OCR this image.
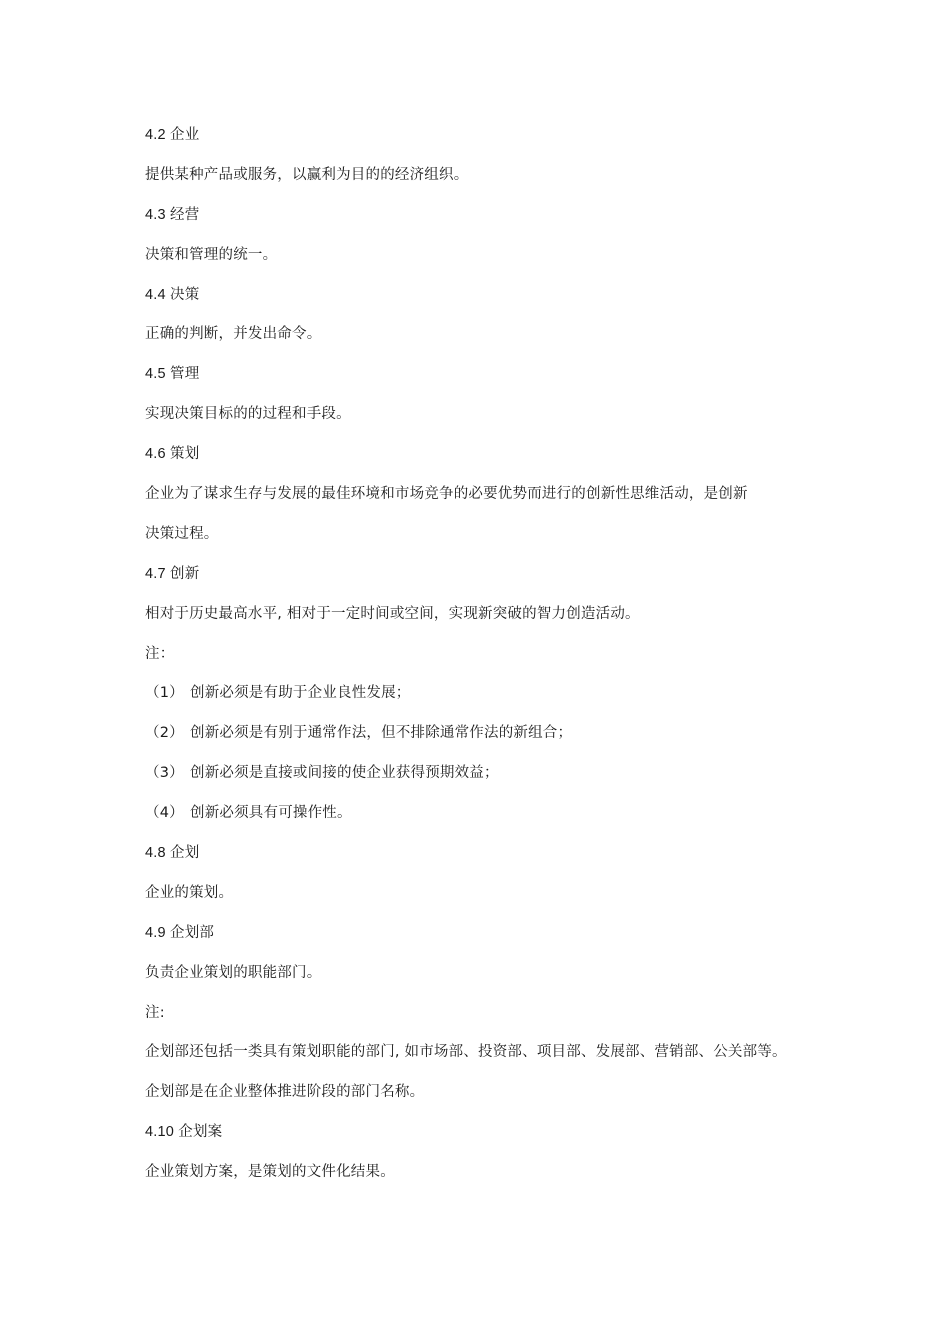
4.2 企业

提供某种产品或服务，以赢利为目的的经济组织。

4.3 经营

决策和管理的统一。

4.4 决策

正确的判断，并发出命令。

4.5 管理

实现决策目标的的过程和手段。

4.6 策划

企业为了谋求生存与发展的最佳环境和市场竞争的必要优势而进行的创新性思维活动，是创新

决策过程。

4.7 创新

相对于历史最高水平, 相对于一定时间或空间，实现新突破的智力创造活动。

注：

（1） 创新必须是有助于企业良性发展；

（2） 创新必须是有别于通常作法，但不排除通常作法的新组合；

（3） 创新必须是直接或间接的使企业获得预期效益；

（4） 创新必须具有可操作性。

4.8 企划

企业的策划。

4.9 企划部

负责企业策划的职能部门。

注:

企划部还包括一类具有策划职能的部门, 如市场部、投资部、项目部、发展部、营销部、公关部等。

企划部是在企业整体推进阶段的部门名称。

4.10 企划案

企业策划方案，是策划的文件化结果。
